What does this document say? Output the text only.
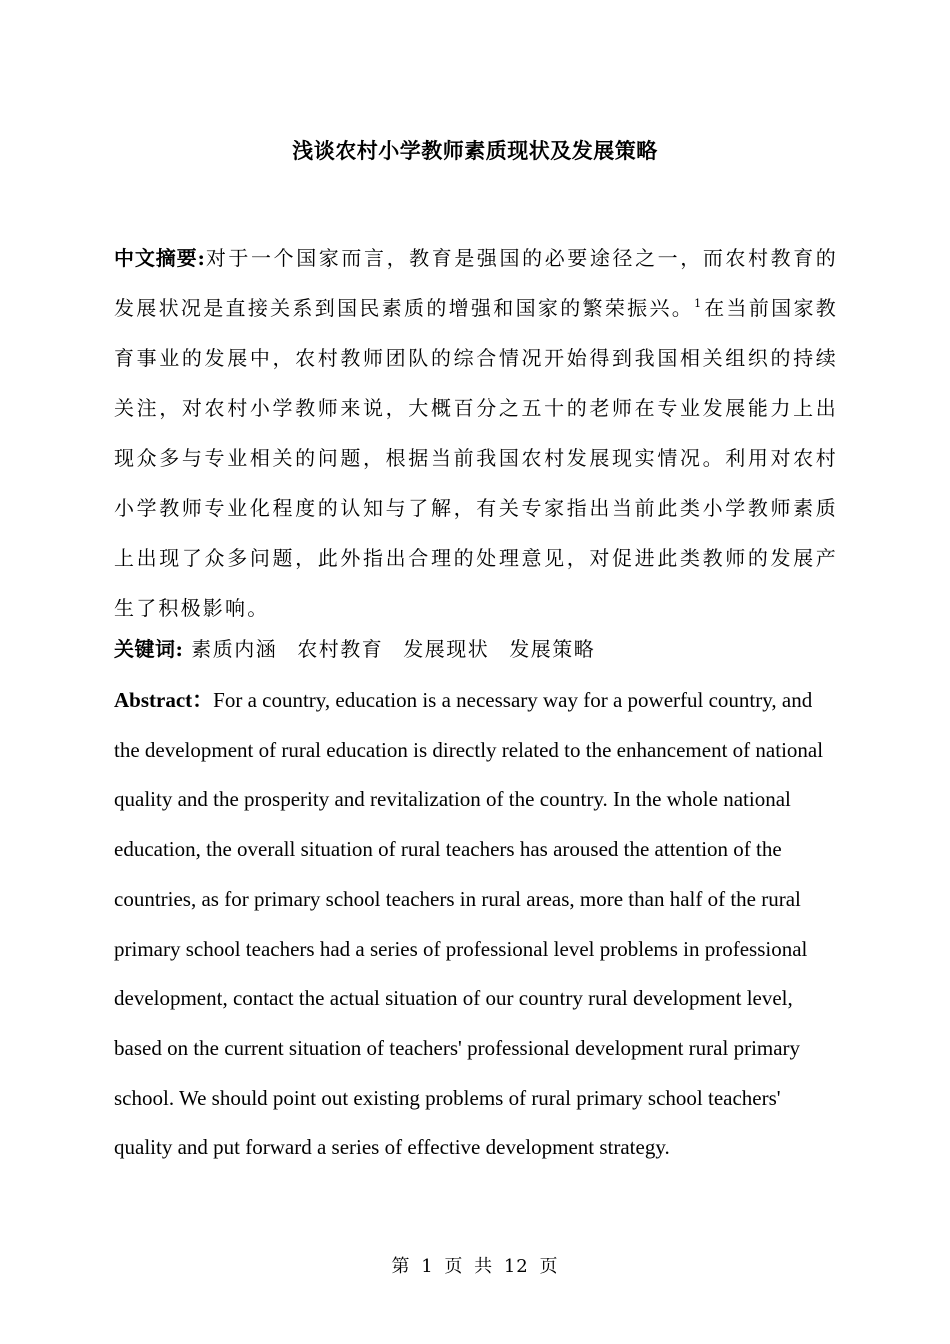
浅谈农村小学教师素质现状及发展策略
中文摘要:对于一个国家而言，教育是强国的必要途径之一，而农村教育的发展状况是直接关系到国民素质的增强和国家的繁荣振兴。$^1$ 在当前国家教育事业的发展中，农村教师团队的综合情况开始得到我国相关组织的持续关注，对农村小学教师来说，大概百分之五十的老师在专业发展能力上出现众多与专业相关的问题，根据当前我国农村发展现实情况。利用对农村小学教师专业化程度的认知与了解，有关专家指出当前此类小学教师素质上出现了众多问题，此外指出合理的处理意见，对促进此类教师的发展产生了积极影响。
关键词: 素质内涵 农村教育 发展现状 发展策略
Abstract：For a country, education is a necessary way for a powerful country, and the development of rural education is directly related to the enhancement of national quality and the prosperity and revitalization of the country. In the whole national education, the overall situation of rural teachers has aroused the attention of the countries, as for primary school teachers in rural areas, more than half of the rural primary school teachers had a series of professional level problems in professional development, contact the actual situation of our country rural development level, based on the current situation of teachers' professional development rural primary school. We should point out existing problems of rural primary school teachers' quality and put forward a series of effective development strategy.
第 1 页 共 12 页
